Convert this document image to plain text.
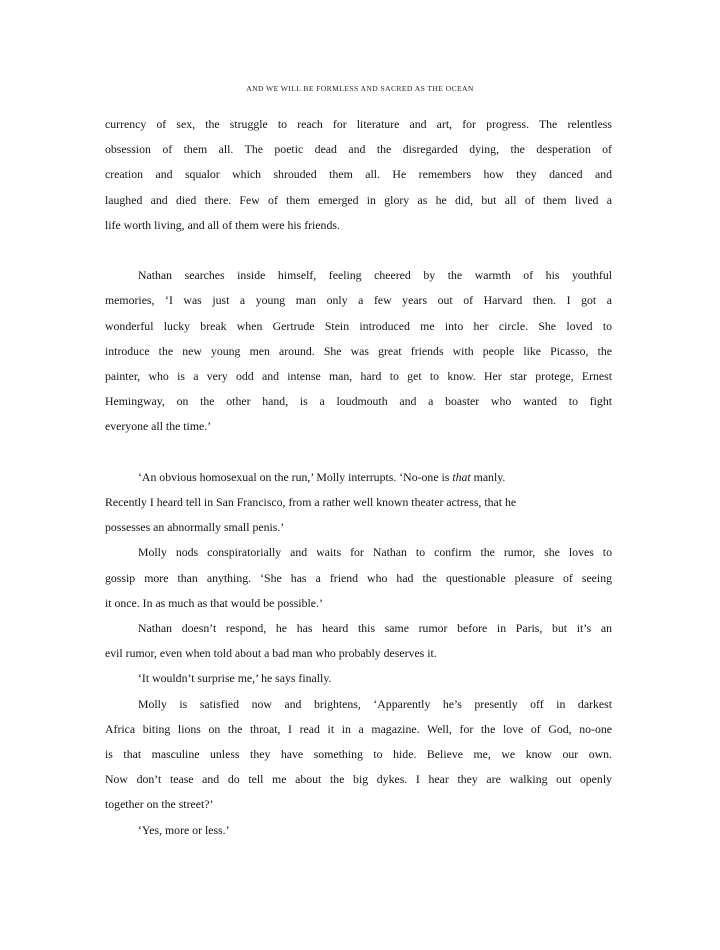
AND WE WILL BE FORMLESS AND SACRED AS THE OCEAN
currency of sex, the struggle to reach for literature and art, for progress. The relentless
obsession of them all. The poetic dead and the disregarded dying, the desperation of
creation and squalor which shrouded them all. He remembers how they danced and
laughed and died there. Few of them emerged in glory as he did, but all of them lived a
life worth living, and all of them were his friends.
Nathan searches inside himself, feeling cheered by the warmth of his youthful
memories, ‘I was just a young man only a few years out of Harvard then. I got a
wonderful lucky break when Gertrude Stein introduced me into her circle. She loved to
introduce the new young men around. She was great friends with people like Picasso, the
painter, who is a very odd and intense man, hard to get to know. Her star protege, Ernest
Hemingway, on the other hand, is a loudmouth and a boaster who wanted to fight
everyone all the time.’
‘An obvious homosexual on the run,’ Molly interrupts. ‘No-one is that manly.
Recently I heard tell in San Francisco, from a rather well known theater actress, that he
possesses an abnormally small penis.’
Molly nods conspiratorially and waits for Nathan to confirm the rumor, she loves to
gossip more than anything. ‘She has a friend who had the questionable pleasure of seeing
it once. In as much as that would be possible.’
Nathan doesn’t respond, he has heard this same rumor before in Paris, but it’s an
evil rumor, even when told about a bad man who probably deserves it.
‘It wouldn’t surprise me,’ he says finally.
Molly is satisfied now and brightens, ‘Apparently he’s presently off in darkest
Africa biting lions on the throat, I read it in a magazine. Well, for the love of God, no-one
is that masculine unless they have something to hide. Believe me, we know our own.
Now don’t tease and do tell me about the big dykes. I hear they are walking out openly
together on the street?’
‘Yes, more or less.’
